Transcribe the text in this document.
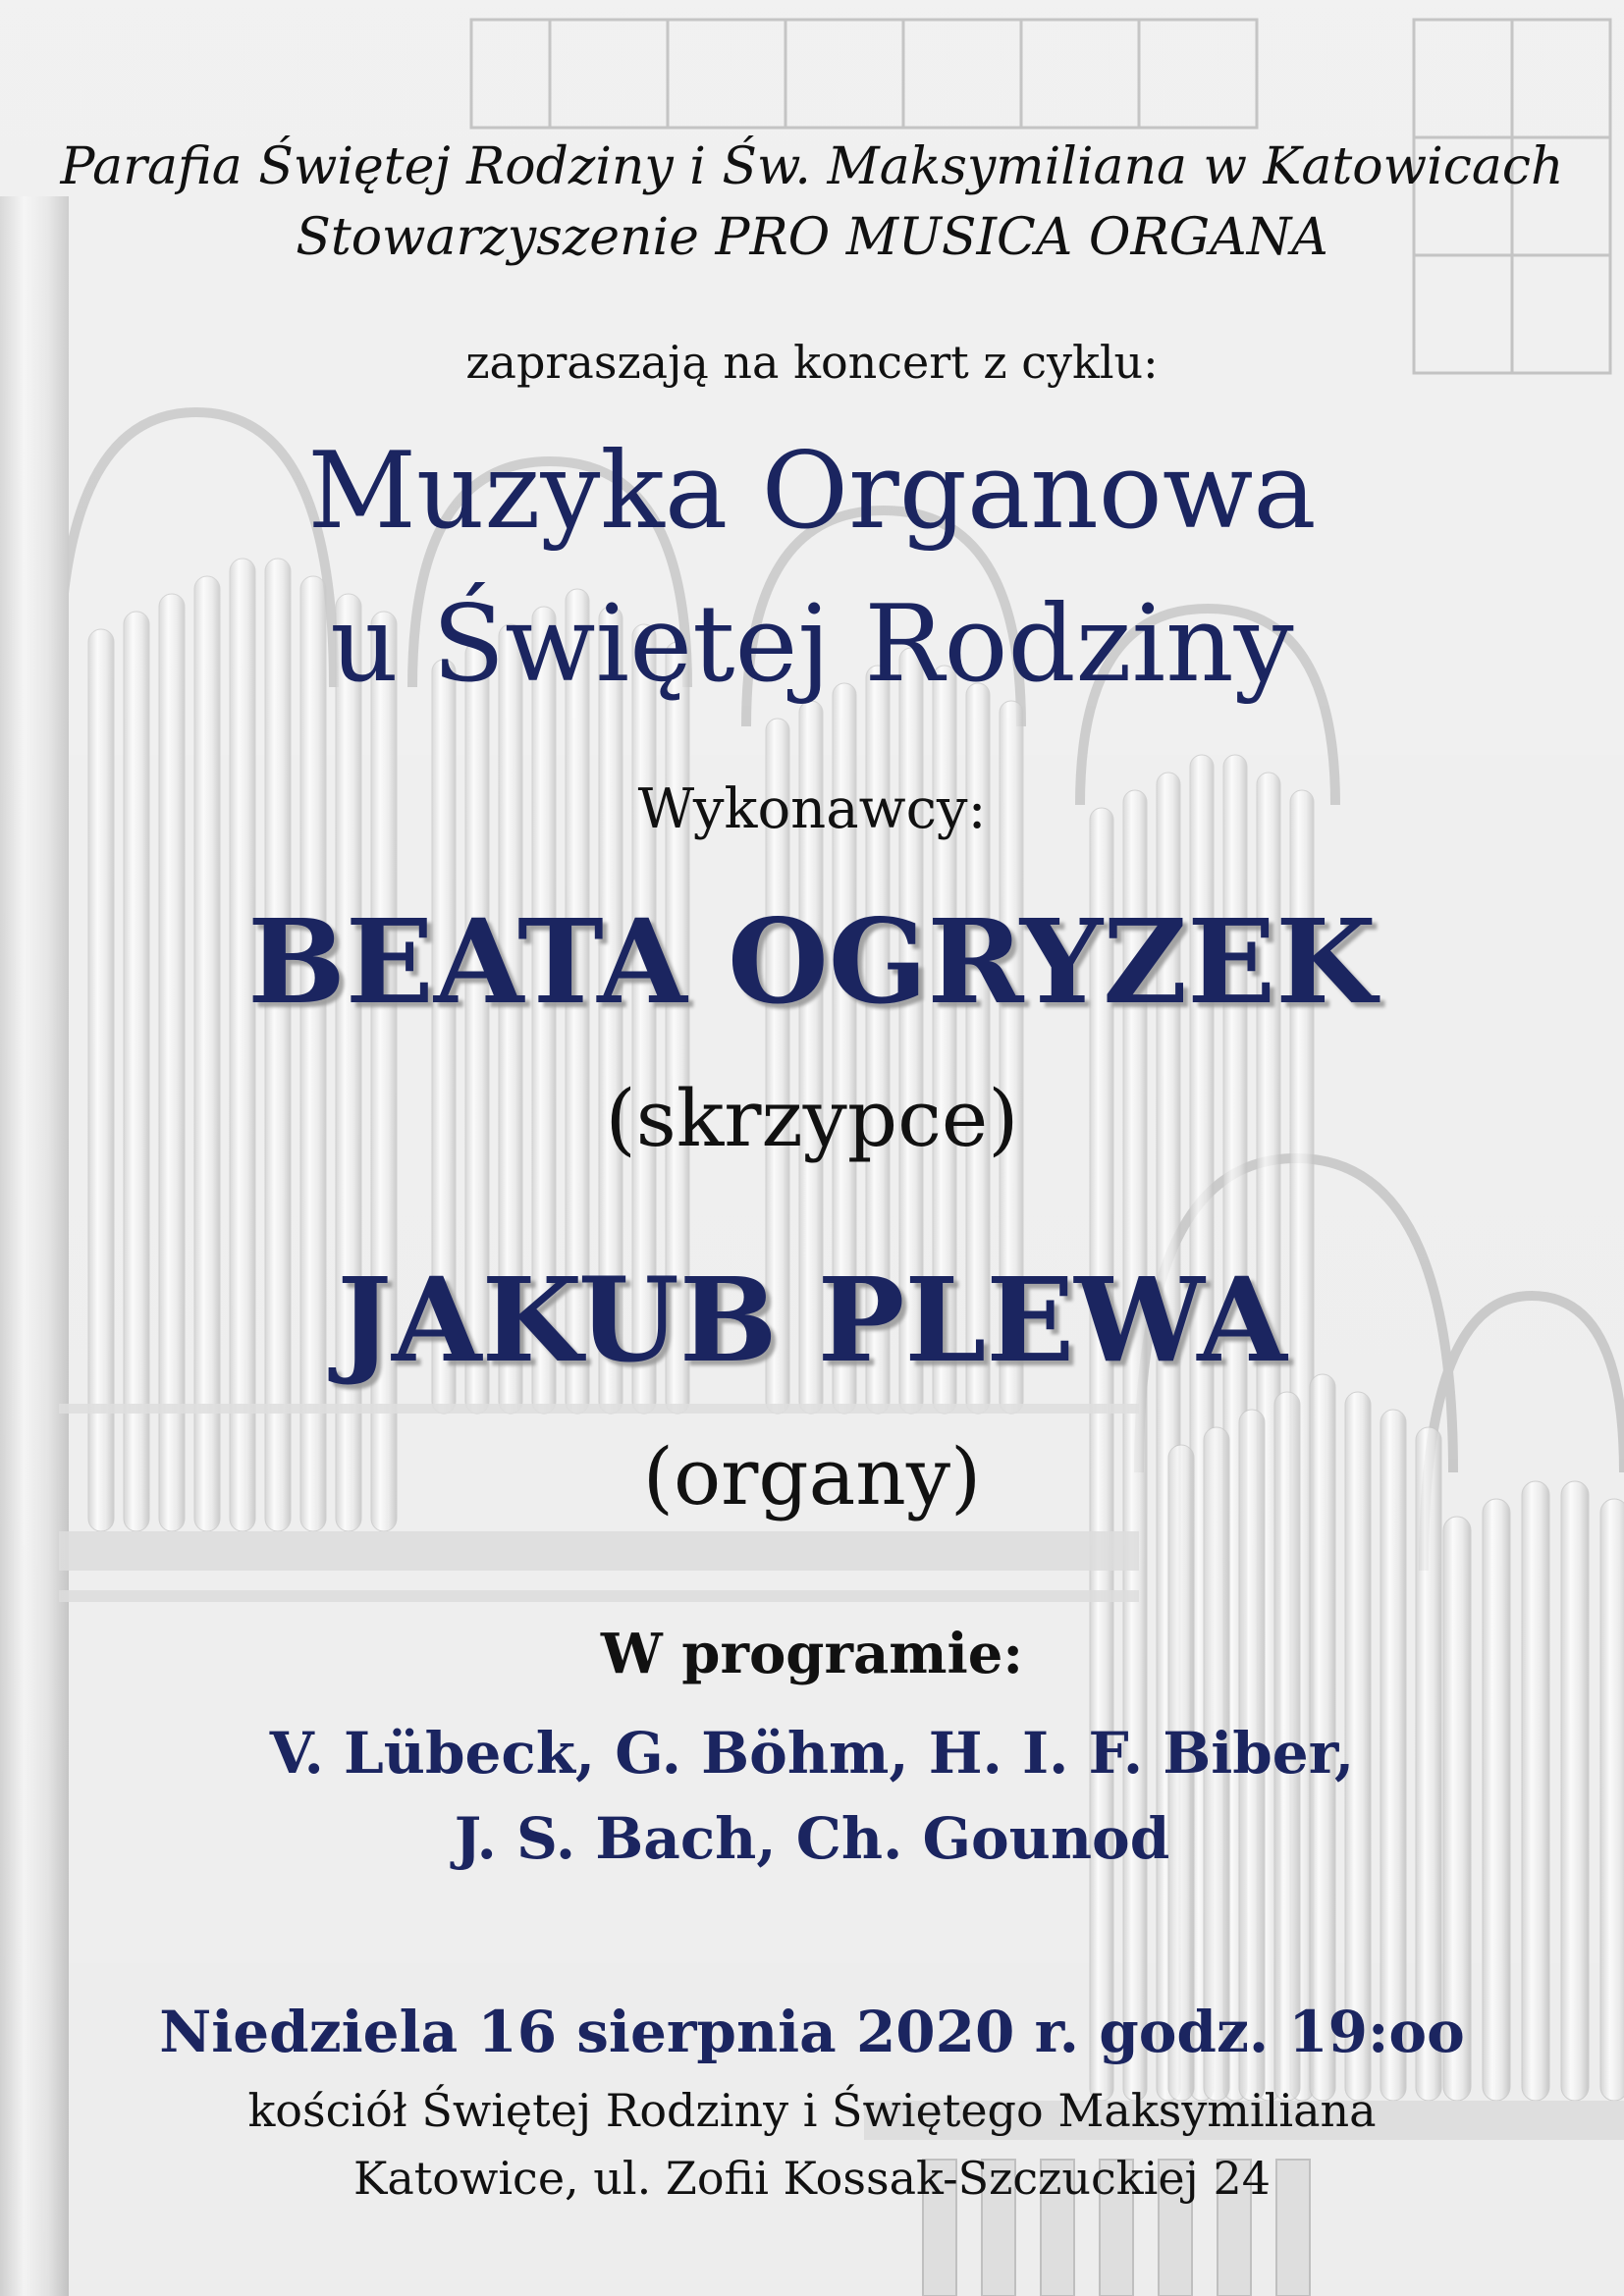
Parafia Świętej Rodziny i Św. Maksymiliana w Katowicach
Stowarzyszenie PRO MUSICA ORGANA
zapraszają na koncert z cyklu:
Muzyka Organowa
u Świętej Rodziny
Wykonawcy:
BEATA OGRYZEK
(skrzypce)
JAKUB PLEWA
(organy)
W programie:
V. Lübeck, G. Böhm, H. I. F. Biber,
J. S. Bach, Ch. Gounod
Niedziela 16 sierpnia 2020 r. godz. 19:oo
kościół Świętej Rodziny i Świętego Maksymiliana
Katowice, ul. Zofii Kossak-Szczuckiej 24
